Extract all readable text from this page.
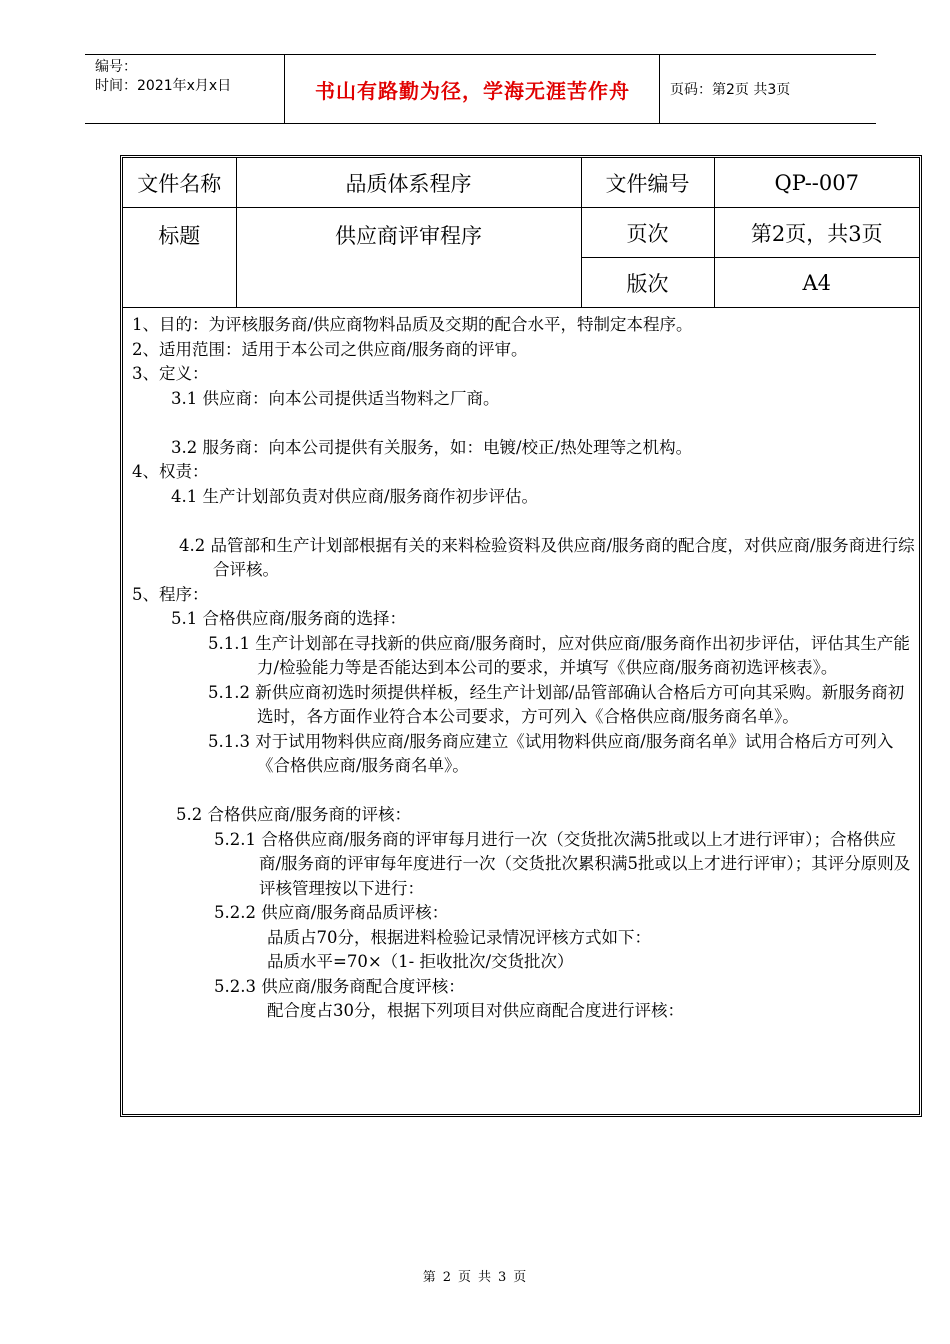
编号：
时间：2021年x月x日	书山有路勤为径，学海无涯苦作舟	页码：第2页 共3页
文件名称	品质体系程序	文件编号	QP--007
标题	供应商评审程序	页次	第2页，共3页
		版次	A4

1、目的：为评核服务商/供应商物料品质及交期的配合水平，特制定本程序。

2、适用范围：适用于本公司之供应商/服务商的评审。

3、定义：

3.1 供应商：向本公司提供适当物料之厂商。

3.2 服务商：向本公司提供有关服务，如：电镀/校正/热处理等之机构。

4、权责：

4.1 生产计划部负责对供应商/服务商作初步评估。

4.2 品管部和生产计划部根据有关的来料检验资料及供应商/服务商的配合度，对供应商/服务商进行综合评核。

5、程序：

5.1 合格供应商/服务商的选择：

5.1.1 生产计划部在寻找新的供应商/服务商时，应对供应商/服务商作出初步评估，评估其生产能力/检验能力等是否能达到本公司的要求，并填写《供应商/服务商初选评核表》。

5.1.2 新供应商初选时须提供样板，经生产计划部/品管部确认合格后方可向其采购。新服务商初选时，各方面作业符合本公司要求，方可列入《合格供应商/服务商名单》。

5.1.3 对于试用物料供应商/服务商应建立《试用物料供应商/服务商名单》试用合格后方可列入《合格供应商/服务商名单》。

5.2 合格供应商/服务商的评核：

5.2.1 合格供应商/服务商的评审每月进行一次（交货批次满5批或以上才进行评审）；合格供应商/服务商的评审每年度进行一次（交货批次累积满5批或以上才进行评审）；其评分原则及评核管理按以下进行：

5.2.2 供应商/服务商品质评核：

品质占70分，根据进料检验记录情况评核方式如下：

品质水平=70×（1- 拒收批次/交货批次）

5.2.3 供应商/服务商配合度评核：

配合度占30分，根据下列项目对供应商配合度进行评核：

第 2 页 共 3 页
